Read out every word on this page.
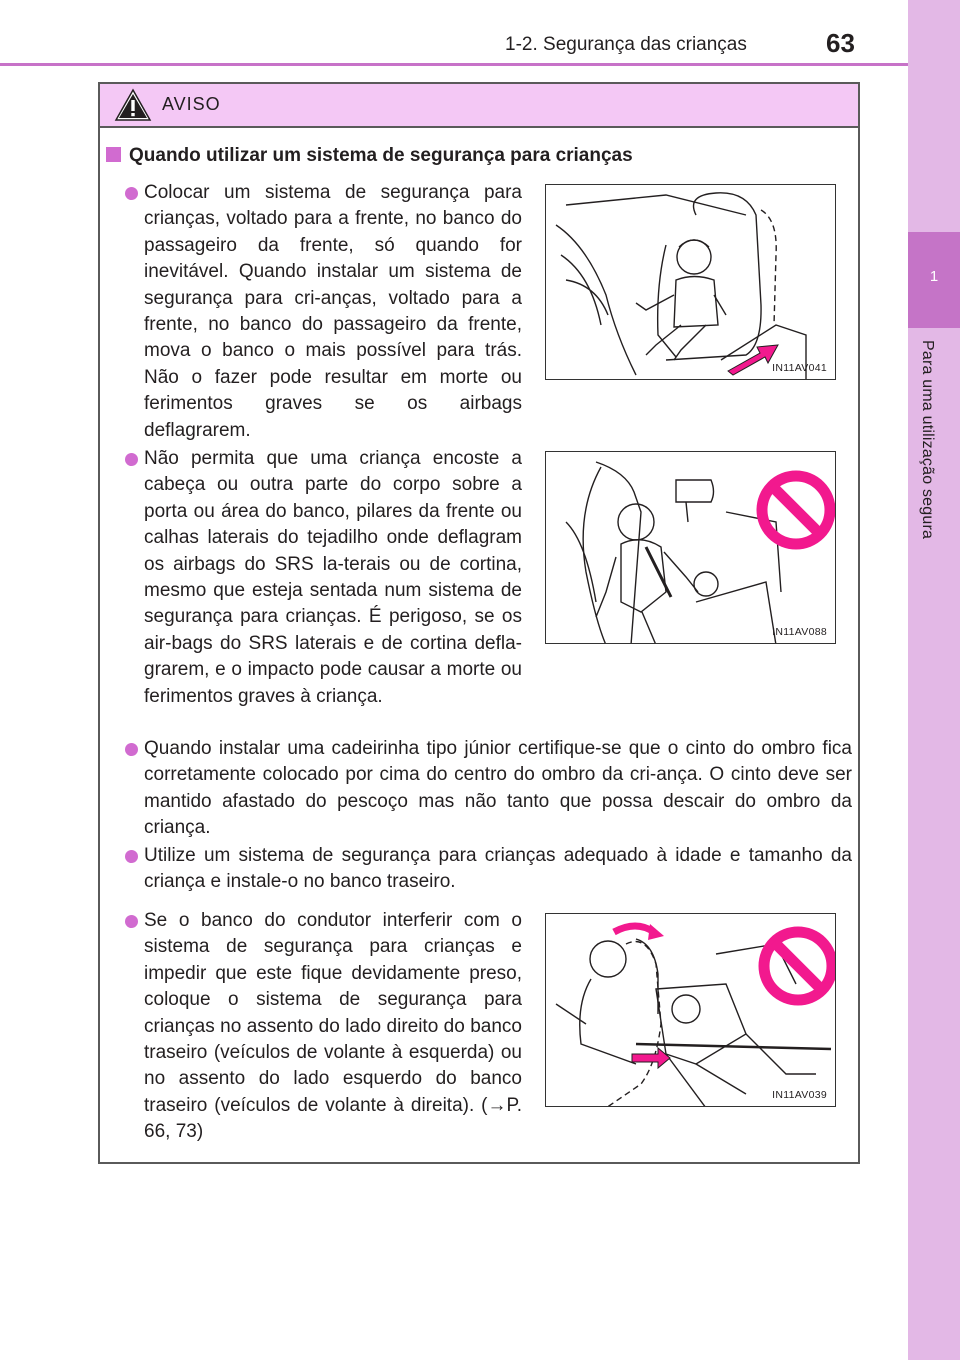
1-2. Segurança das crianças	63
1
Para uma utilização segura
AVISO
Quando utilizar um sistema de segurança para crianças
Colocar um sistema de segurança para crianças, voltado para a frente, no banco do passageiro da frente, só quando for inevitável. Quando instalar um sistema de segurança para cri-anças, voltado para a frente, no banco do passageiro da frente, mova o banco o mais possível para trás. Não o fazer pode resultar em morte ou ferimentos graves se os airbags deflagrarem.
Não permita que uma criança encoste a cabeça ou outra parte do corpo sobre a porta ou área do banco, pilares da frente ou calhas laterais do tejadilho onde deflagram os airbags do SRS la-terais ou de cortina, mesmo que esteja sentada num sistema de segurança para crianças. É perigoso, se os air-bags do SRS laterais e de cortina defla-grarem, e o impacto pode causar a morte ou ferimentos graves à criança.
Quando instalar uma cadeirinha tipo júnior certifique-se que o cinto do ombro fica corretamente colocado por cima do centro do ombro da cri-ança. O cinto deve ser mantido afastado do pescoço mas não tanto que possa descair do ombro da criança.
Utilize um sistema de segurança para crianças adequado à idade e tamanho da criança e instale-o no banco traseiro.
Se o banco do condutor interferir com o sistema de segurança para crianças e impedir que este fique devidamente preso, coloque o sistema de segurança para crianças no assento do lado direito do banco traseiro (veículos de volante à esquerda) ou no assento do lado esquerdo do banco traseiro (veículos de volante à direita). (→P. 66, 73)
IN11AV041
IN11AV088
IN11AV039
